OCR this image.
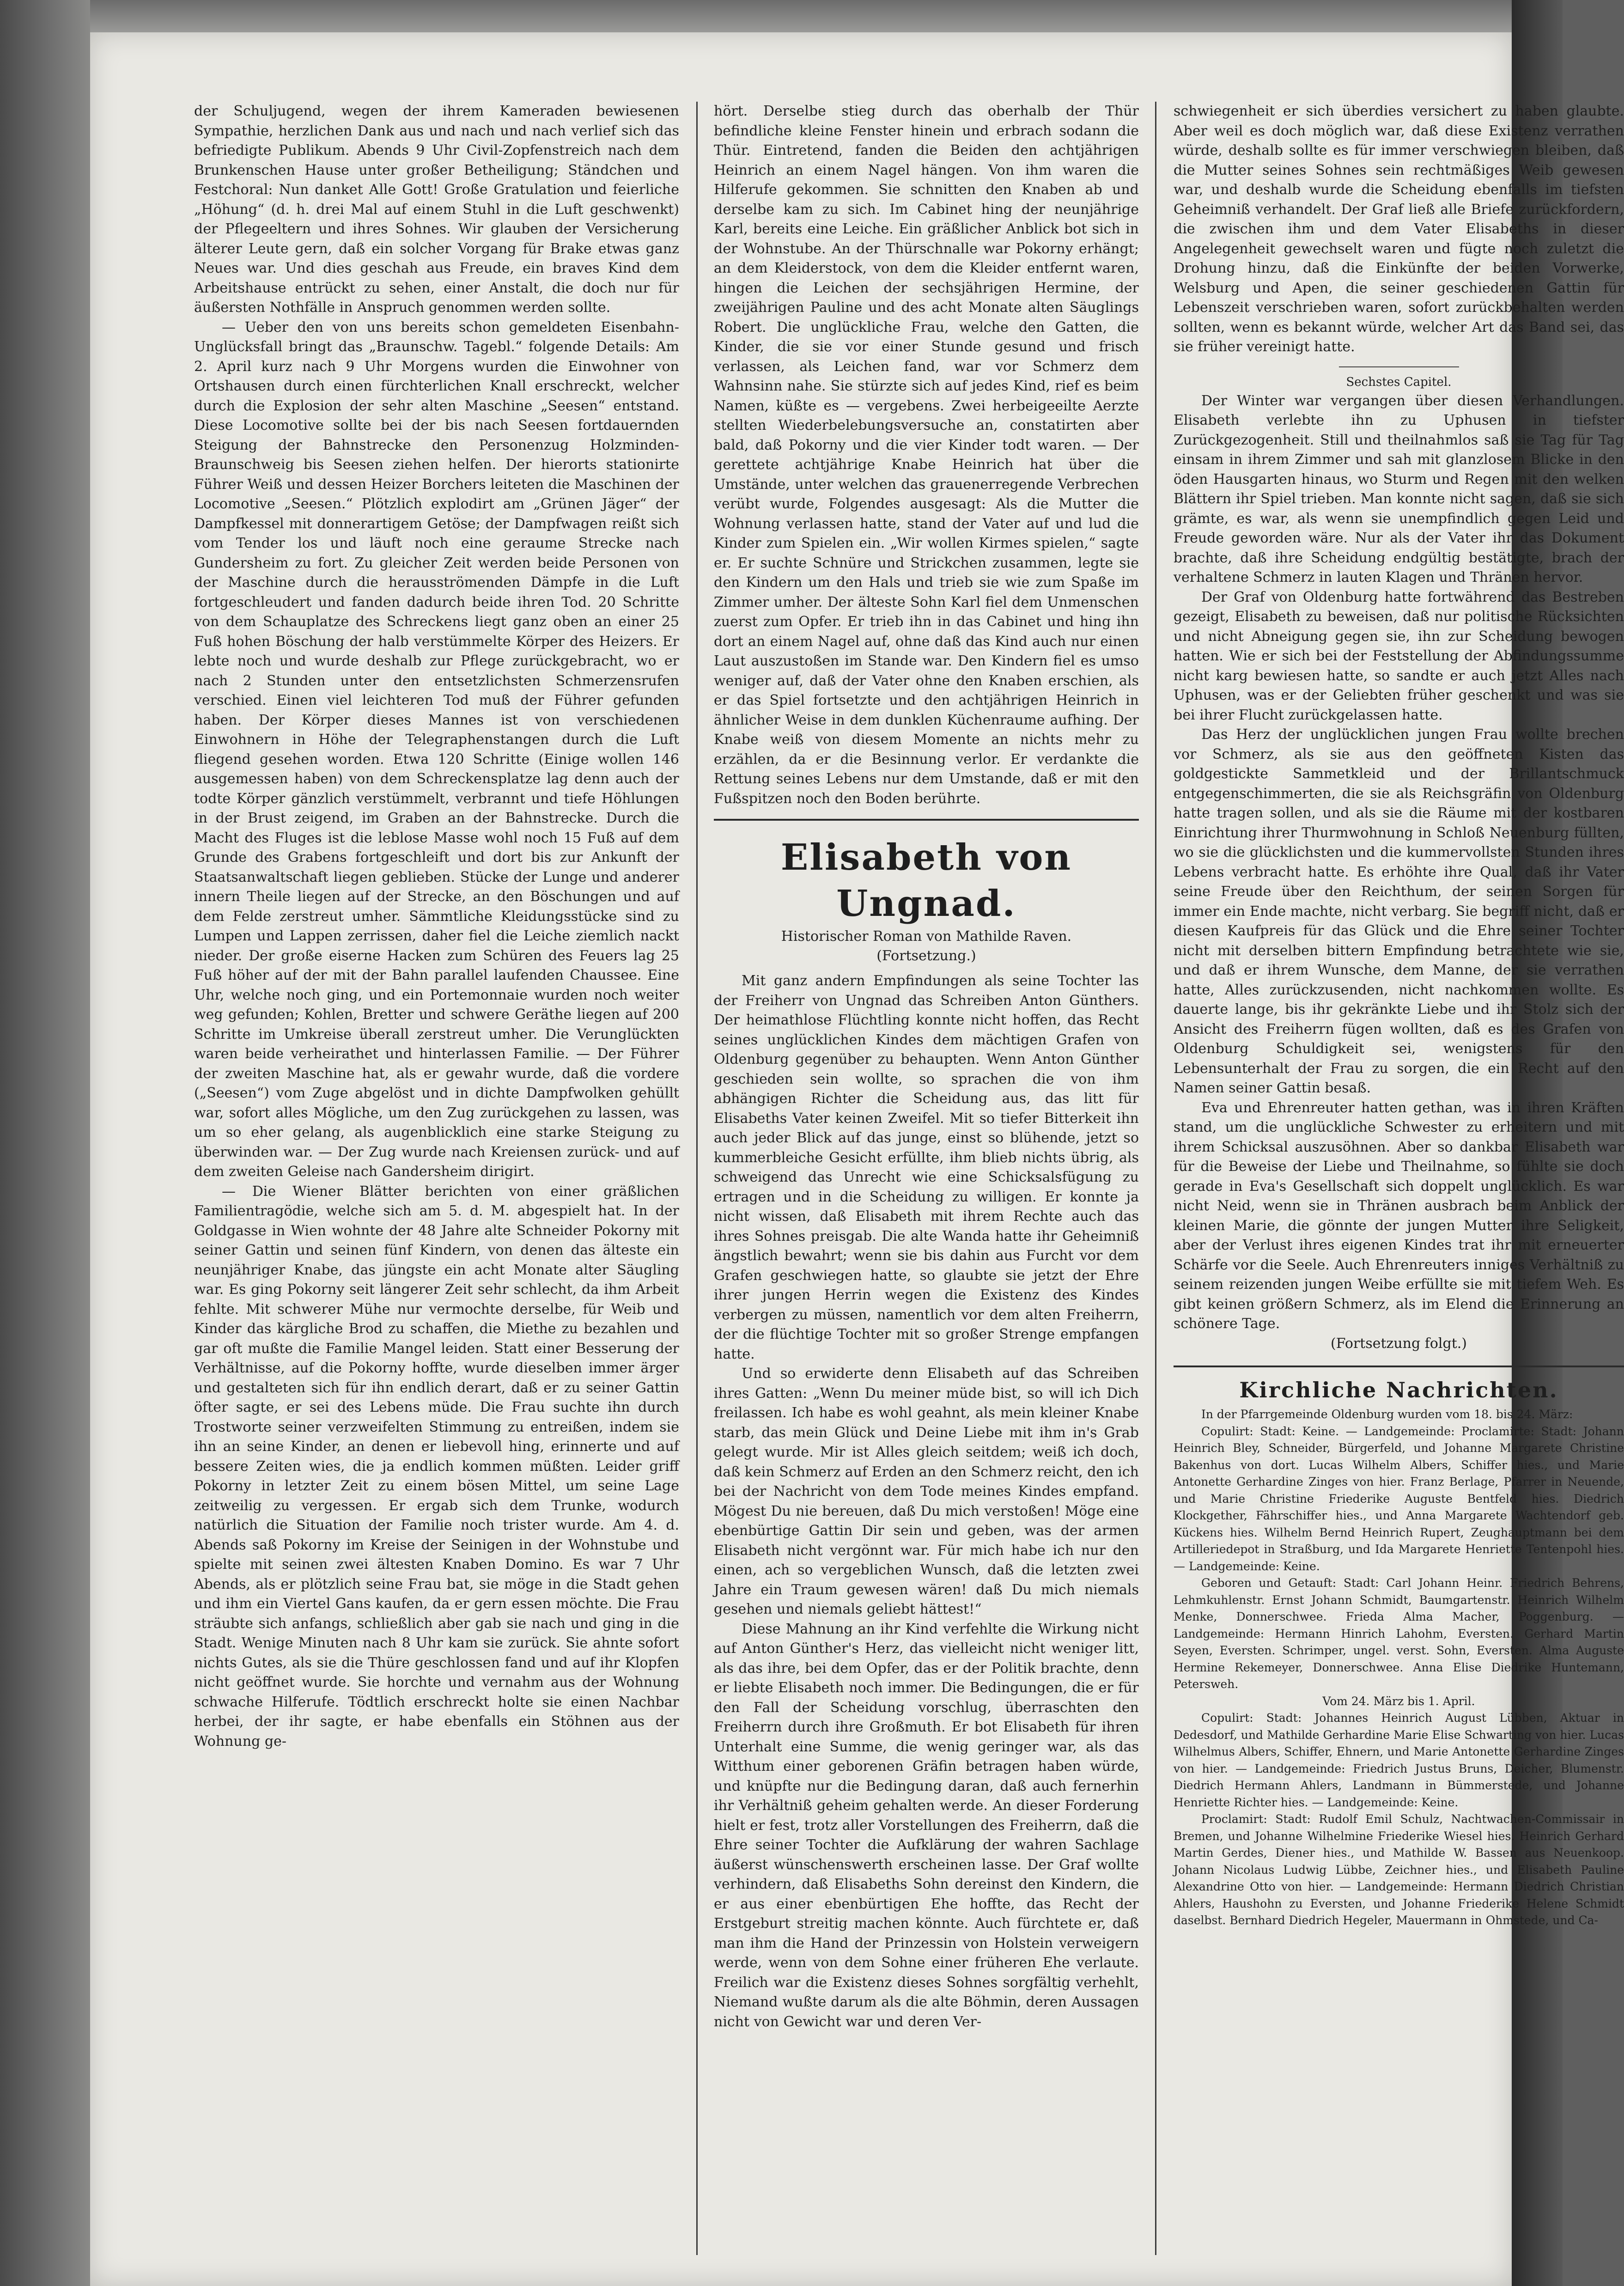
der Schuljugend, wegen der ihrem Kameraden bewiesenen Sympathie, herzlichen Dank aus und nach und nach verlief sich das befriedigte Publikum. Abends 9 Uhr Civil-Zopfenstreich nach dem Brunkenschen Hause unter großer Betheiligung; Ständchen und Festchoral: Nun danket Alle Gott! Große Gratulation und feierliche „Höhung“ (d. h. drei Mal auf einem Stuhl in die Luft geschwenkt) der Pflegeeltern und ihres Sohnes. Wir glauben der Versicherung älterer Leute gern, daß ein solcher Vorgang für Brake etwas ganz Neues war. Und dies geschah aus Freude, ein braves Kind dem Arbeitshause entrückt zu sehen, einer Anstalt, die doch nur für äußersten Nothfälle in Anspruch genommen werden sollte.

— Ueber den von uns bereits schon gemeldeten Eisenbahn-Unglücksfall bringt das „Braunschw. Tagebl.“ folgende Details: Am 2. April kurz nach 9 Uhr Morgens wurden die Einwohner von Ortshausen durch einen fürchterlichen Knall erschreckt, welcher durch die Explosion der sehr alten Maschine „Seesen“ entstand. Diese Locomotive sollte bei der bis nach Seesen fortdauernden Steigung der Bahnstrecke den Personenzug Holzminden-Braunschweig bis Seesen ziehen helfen. Der hierorts stationirte Führer Weiß und dessen Heizer Borchers leiteten die Maschinen der Locomotive „Seesen.“ Plötzlich explodirt am „Grünen Jäger“ der Dampfkessel mit donnerartigem Getöse; der Dampfwagen reißt sich vom Tender los und läuft noch eine geraume Strecke nach Gundersheim zu fort. Zu gleicher Zeit werden beide Personen von der Maschine durch die herausströmenden Dämpfe in die Luft fortgeschleudert und fanden dadurch beide ihren Tod. 20 Schritte von dem Schauplatze des Schreckens liegt ganz oben an einer 25 Fuß hohen Böschung der halb verstümmelte Körper des Heizers. Er lebte noch und wurde deshalb zur Pflege zurückgebracht, wo er nach 2 Stunden unter den entsetzlichsten Schmerzensrufen verschied. Einen viel leichteren Tod muß der Führer gefunden haben. Der Körper dieses Mannes ist von verschiedenen Einwohnern in Höhe der Telegraphenstangen durch die Luft fliegend gesehen worden. Etwa 120 Schritte (Einige wollen 146 ausgemessen haben) von dem Schreckensplatze lag denn auch der todte Körper gänzlich verstümmelt, verbrannt und tiefe Höhlungen in der Brust zeigend, im Graben an der Bahnstrecke. Durch die Macht des Fluges ist die leblose Masse wohl noch 15 Fuß auf dem Grunde des Grabens fortgeschleift und dort bis zur Ankunft der Staatsanwaltschaft liegen geblieben. Stücke der Lunge und anderer innern Theile liegen auf der Strecke, an den Böschungen und auf dem Felde zerstreut umher. Sämmtliche Kleidungsstücke sind zu Lumpen und Lappen zerrissen, daher fiel die Leiche ziemlich nackt nieder. Der große eiserne Hacken zum Schüren des Feuers lag 25 Fuß höher auf der mit der Bahn parallel laufenden Chaussee. Eine Uhr, welche noch ging, und ein Portemonnaie wurden noch weiter weg gefunden; Kohlen, Bretter und schwere Geräthe liegen auf 200 Schritte im Umkreise überall zerstreut umher. Die Verunglückten waren beide verheirathet und hinterlassen Familie. — Der Führer der zweiten Maschine hat, als er gewahr wurde, daß die vordere („Seesen“) vom Zuge abgelöst und in dichte Dampfwolken gehüllt war, sofort alles Mögliche, um den Zug zurückgehen zu lassen, was um so eher gelang, als augenblicklich eine starke Steigung zu überwinden war. — Der Zug wurde nach Kreiensen zurück- und auf dem zweiten Geleise nach Gandersheim dirigirt.

— Die Wiener Blätter berichten von einer gräßlichen Familientragödie, welche sich am 5. d. M. abgespielt hat. In der Goldgasse in Wien wohnte der 48 Jahre alte Schneider Pokorny mit seiner Gattin und seinen fünf Kindern, von denen das älteste ein neunjähriger Knabe, das jüngste ein acht Monate alter Säugling war. Es ging Pokorny seit längerer Zeit sehr schlecht, da ihm Arbeit fehlte. Mit schwerer Mühe nur vermochte derselbe, für Weib und Kinder das kärgliche Brod zu schaffen, die Miethe zu bezahlen und gar oft mußte die Familie Mangel leiden. Statt einer Besserung der Verhältnisse, auf die Pokorny hoffte, wurde dieselben immer ärger und gestalteten sich für ihn endlich derart, daß er zu seiner Gattin öfter sagte, er sei des Lebens müde. Die Frau suchte ihn durch Trostworte seiner verzweifelten Stimmung zu entreißen, indem sie ihn an seine Kinder, an denen er liebevoll hing, erinnerte und auf bessere Zeiten wies, die ja endlich kommen müßten. Leider griff Pokorny in letzter Zeit zu einem bösen Mittel, um seine Lage zeitweilig zu vergessen. Er ergab sich dem Trunke, wodurch natürlich die Situation der Familie noch trister wurde. Am 4. d. Abends saß Pokorny im Kreise der Seinigen in der Wohnstube und spielte mit seinen zwei ältesten Knaben Domino. Es war 7 Uhr Abends, als er plötzlich seine Frau bat, sie möge in die Stadt gehen und ihm ein Viertel Gans kaufen, da er gern essen möchte. Die Frau sträubte sich anfangs, schließlich aber gab sie nach und ging in die Stadt. Wenige Minuten nach 8 Uhr kam sie zurück. Sie ahnte sofort nichts Gutes, als sie die Thüre geschlossen fand und auf ihr Klopfen nicht geöffnet wurde. Sie horchte und vernahm aus der Wohnung schwache Hilferufe. Tödtlich erschreckt holte sie einen Nachbar herbei, der ihr sagte, er habe ebenfalls ein Stöhnen aus der Wohnung ge-

hört. Derselbe stieg durch das oberhalb der Thür befindliche kleine Fenster hinein und erbrach sodann die Thür. Eintretend, fanden die Beiden den achtjährigen Heinrich an einem Nagel hängen. Von ihm waren die Hilferufe gekommen. Sie schnitten den Knaben ab und derselbe kam zu sich. Im Cabinet hing der neunjährige Karl, bereits eine Leiche. Ein gräßlicher Anblick bot sich in der Wohnstube. An der Thürschnalle war Pokorny erhängt; an dem Kleiderstock, von dem die Kleider entfernt waren, hingen die Leichen der sechsjährigen Hermine, der zweijährigen Pauline und des acht Monate alten Säuglings Robert. Die unglückliche Frau, welche den Gatten, die Kinder, die sie vor einer Stunde gesund und frisch verlassen, als Leichen fand, war vor Schmerz dem Wahnsinn nahe. Sie stürzte sich auf jedes Kind, rief es beim Namen, küßte es — vergebens. Zwei herbeigeeilte Aerzte stellten Wiederbelebungsversuche an, constatirten aber bald, daß Pokorny und die vier Kinder todt waren. — Der gerettete achtjährige Knabe Heinrich hat über die Umstände, unter welchen das grauenerregende Verbrechen verübt wurde, Folgendes ausgesagt: Als die Mutter die Wohnung verlassen hatte, stand der Vater auf und lud die Kinder zum Spielen ein. „Wir wollen Kirmes spielen,“ sagte er. Er suchte Schnüre und Strickchen zusammen, legte sie den Kindern um den Hals und trieb sie wie zum Spaße im Zimmer umher. Der älteste Sohn Karl fiel dem Unmenschen zuerst zum Opfer. Er trieb ihn in das Cabinet und hing ihn dort an einem Nagel auf, ohne daß das Kind auch nur einen Laut auszustoßen im Stande war. Den Kindern fiel es umso weniger auf, daß der Vater ohne den Knaben erschien, als er das Spiel fortsetzte und den achtjährigen Heinrich in ähnlicher Weise in dem dunklen Küchenraume aufhing. Der Knabe weiß von diesem Momente an nichts mehr zu erzählen, da er die Besinnung verlor. Er verdankte die Rettung seines Lebens nur dem Umstande, daß er mit den Fußspitzen noch den Boden berührte.

Elisabeth von Ungnad.

Historischer Roman von Mathilde Raven.

(Fortsetzung.)

Mit ganz andern Empfindungen als seine Tochter las der Freiherr von Ungnad das Schreiben Anton Günthers. Der heimathlose Flüchtling konnte nicht hoffen, das Recht seines unglücklichen Kindes dem mächtigen Grafen von Oldenburg gegenüber zu behaupten. Wenn Anton Günther geschieden sein wollte, so sprachen die von ihm abhängigen Richter die Scheidung aus, das litt für Elisabeths Vater keinen Zweifel. Mit so tiefer Bitterkeit ihn auch jeder Blick auf das junge, einst so blühende, jetzt so kummerbleiche Gesicht erfüllte, ihm blieb nichts übrig, als schweigend das Unrecht wie eine Schicksalsfügung zu ertragen und in die Scheidung zu willigen. Er konnte ja nicht wissen, daß Elisabeth mit ihrem Rechte auch das ihres Sohnes preisgab. Die alte Wanda hatte ihr Geheimniß ängstlich bewahrt; wenn sie bis dahin aus Furcht vor dem Grafen geschwiegen hatte, so glaubte sie jetzt der Ehre ihrer jungen Herrin wegen die Existenz des Kindes verbergen zu müssen, namentlich vor dem alten Freiherrn, der die flüchtige Tochter mit so großer Strenge empfangen hatte.

Und so erwiderte denn Elisabeth auf das Schreiben ihres Gatten: „Wenn Du meiner müde bist, so will ich Dich freilassen. Ich habe es wohl geahnt, als mein kleiner Knabe starb, das mein Glück und Deine Liebe mit ihm in's Grab gelegt wurde. Mir ist Alles gleich seitdem; weiß ich doch, daß kein Schmerz auf Erden an den Schmerz reicht, den ich bei der Nachricht von dem Tode meines Kindes empfand. Mögest Du nie bereuen, daß Du mich verstoßen! Möge eine ebenbürtige Gattin Dir sein und geben, was der armen Elisabeth nicht vergönnt war. Für mich habe ich nur den einen, ach so vergeblichen Wunsch, daß die letzten zwei Jahre ein Traum gewesen wären! daß Du mich niemals gesehen und niemals geliebt hättest!“

Diese Mahnung an ihr Kind verfehlte die Wirkung nicht auf Anton Günther's Herz, das vielleicht nicht weniger litt, als das ihre, bei dem Opfer, das er der Politik brachte, denn er liebte Elisabeth noch immer. Die Bedingungen, die er für den Fall der Scheidung vorschlug, überraschten den Freiherrn durch ihre Großmuth. Er bot Elisabeth für ihren Unterhalt eine Summe, die wenig geringer war, als das Witthum einer geborenen Gräfin betragen haben würde, und knüpfte nur die Bedingung daran, daß auch fernerhin ihr Verhältniß geheim gehalten werde. An dieser Forderung hielt er fest, trotz aller Vorstellungen des Freiherrn, daß die Ehre seiner Tochter die Aufklärung der wahren Sachlage äußerst wünschenswerth erscheinen lasse. Der Graf wollte verhindern, daß Elisabeths Sohn dereinst den Kindern, die er aus einer ebenbürtigen Ehe hoffte, das Recht der Erstgeburt streitig machen könnte. Auch fürchtete er, daß man ihm die Hand der Prinzessin von Holstein verweigern werde, wenn von dem Sohne einer früheren Ehe verlaute. Freilich war die Existenz dieses Sohnes sorgfältig verhehlt, Niemand wußte darum als die alte Böhmin, deren Aussagen nicht von Gewicht war und deren Ver-

schwiegenheit er sich überdies versichert zu haben glaubte. Aber weil es doch möglich war, daß diese Existenz verrathen würde, deshalb sollte es für immer verschwiegen bleiben, daß die Mutter seines Sohnes sein rechtmäßiges Weib gewesen war, und deshalb wurde die Scheidung ebenfalls im tiefsten Geheimniß verhandelt. Der Graf ließ alle Briefe zurückfordern, die zwischen ihm und dem Vater Elisabeths in dieser Angelegenheit gewechselt waren und fügte noch zuletzt die Drohung hinzu, daß die Einkünfte der beiden Vorwerke, Welsburg und Apen, die seiner geschiedenen Gattin für Lebenszeit verschrieben waren, sofort zurückbehalten werden sollten, wenn es bekannt würde, welcher Art das Band sei, das sie früher vereinigt hatte.

Sechstes Capitel.

Der Winter war vergangen über diesen Verhandlungen. Elisabeth verlebte ihn zu Uphusen in tiefster Zurückgezogenheit. Still und theilnahmlos saß sie Tag für Tag einsam in ihrem Zimmer und sah mit glanzlosem Blicke in den öden Hausgarten hinaus, wo Sturm und Regen mit den welken Blättern ihr Spiel trieben. Man konnte nicht sagen, daß sie sich grämte, es war, als wenn sie unempfindlich gegen Leid und Freude geworden wäre. Nur als der Vater ihr das Dokument brachte, daß ihre Scheidung endgültig bestätigte, brach der verhaltene Schmerz in lauten Klagen und Thränen hervor.

Der Graf von Oldenburg hatte fortwährend das Bestreben gezeigt, Elisabeth zu beweisen, daß nur politische Rücksichten und nicht Abneigung gegen sie, ihn zur Scheidung bewogen hatten. Wie er sich bei der Feststellung der Abfindungssumme nicht karg bewiesen hatte, so sandte er auch jetzt Alles nach Uphusen, was er der Geliebten früher geschenkt und was sie bei ihrer Flucht zurückgelassen hatte.

Das Herz der unglücklichen jungen Frau wollte brechen vor Schmerz, als sie aus den geöffneten Kisten das goldgestickte Sammetkleid und der Brillantschmuck entgegenschimmerten, die sie als Reichsgräfin von Oldenburg hatte tragen sollen, und als sie die Räume mit der kostbaren Einrichtung ihrer Thurmwohnung in Schloß Neuenburg füllten, wo sie die glücklichsten und die kummervollsten Stunden ihres Lebens verbracht hatte. Es erhöhte ihre Qual, daß ihr Vater seine Freude über den Reichthum, der seinen Sorgen für immer ein Ende machte, nicht verbarg. Sie begriff nicht, daß er diesen Kaufpreis für das Glück und die Ehre seiner Tochter nicht mit derselben bittern Empfindung betrachtete wie sie, und daß er ihrem Wunsche, dem Manne, der sie verrathen hatte, Alles zurückzusenden, nicht nachkommen wollte. Es dauerte lange, bis ihr gekränkte Liebe und ihr Stolz sich der Ansicht des Freiherrn fügen wollten, daß es des Grafen von Oldenburg Schuldigkeit sei, wenigstens für den Lebensunterhalt der Frau zu sorgen, die ein Recht auf den Namen seiner Gattin besaß.

Eva und Ehrenreuter hatten gethan, was in ihren Kräften stand, um die unglückliche Schwester zu erheitern und mit ihrem Schicksal auszusöhnen. Aber so dankbar Elisabeth war für die Beweise der Liebe und Theilnahme, so fühlte sie doch gerade in Eva's Gesellschaft sich doppelt unglücklich. Es war nicht Neid, wenn sie in Thränen ausbrach beim Anblick der kleinen Marie, die gönnte der jungen Mutter ihre Seligkeit, aber der Verlust ihres eigenen Kindes trat ihr mit erneuerter Schärfe vor die Seele. Auch Ehrenreuters inniges Verhältniß zu seinem reizenden jungen Weibe erfüllte sie mit tiefem Weh. Es gibt keinen größern Schmerz, als im Elend die Erinnerung an schönere Tage.

(Fortsetzung folgt.)

Kirchliche Nachrichten.

In der Pfarrgemeinde Oldenburg wurden vom 18. bis 24. März:

Copulirt: Stadt: Keine. — Landgemeinde: Proclamirte: Stadt: Johann Heinrich Bley, Schneider, Bürgerfeld, und Johanne Margarete Christine Bakenhus von dort. Lucas Wilhelm Albers, Schiffer hies., und Marie Antonette Gerhardine Zinges von hier. Franz Berlage, Pfarrer in Neuende, und Marie Christine Friederike Auguste Bentfeld hies. Diedrich Klockgether, Fährschiffer hies., und Anna Margarete Wachtendorf geb. Kückens hies. Wilhelm Bernd Heinrich Rupert, Zeughauptmann bei dem Artilleriedepot in Straßburg, und Ida Margarete Henriette Tentenpohl hies. — Landgemeinde: Keine.

Geboren und Getauft: Stadt: Carl Johann Heinr. Friedrich Behrens, Lehmkuhlenstr. Ernst Johann Schmidt, Baumgartenstr. Heinrich Wilhelm Menke, Donnerschwee. Frieda Alma Macher, Poggenburg. — Landgemeinde: Hermann Hinrich Lahohm, Eversten. Gerhard Martin Seyen, Eversten. Schrimper, ungel. verst. Sohn, Eversten. Alma Auguste Hermine Rekemeyer, Donnerschwee. Anna Elise Diedrike Huntemann, Petersweh.

Vom 24. März bis 1. April.

Copulirt: Stadt: Johannes Heinrich August Lübben, Aktuar in Dedesdorf, und Mathilde Gerhardine Marie Elise Schwarting von hier. Lucas Wilhelmus Albers, Schiffer, Ehnern, und Marie Antonette Gerhardine Zinges von hier. — Landgemeinde: Friedrich Justus Bruns, Deicher, Blumenstr. Diedrich Hermann Ahlers, Landmann in Bümmerstede, und Johanne Henriette Richter hies. — Landgemeinde: Keine.

Proclamirt: Stadt: Rudolf Emil Schulz, Nachtwachen-Commissair in Bremen, und Johanne Wilhelmine Friederike Wiesel hies. Heinrich Gerhard Martin Gerdes, Diener hies., und Mathilde W. Bassen aus Neuenkoop. Johann Nicolaus Ludwig Lübbe, Zeichner hies., und Elisabeth Pauline Alexandrine Otto von hier. — Landgemeinde: Hermann Diedrich Christian Ahlers, Haushohn zu Eversten, und Johanne Friederike Helene Schmidt daselbst. Bernhard Diedrich Hegeler, Mauermann in Ohmstede, und Ca-
